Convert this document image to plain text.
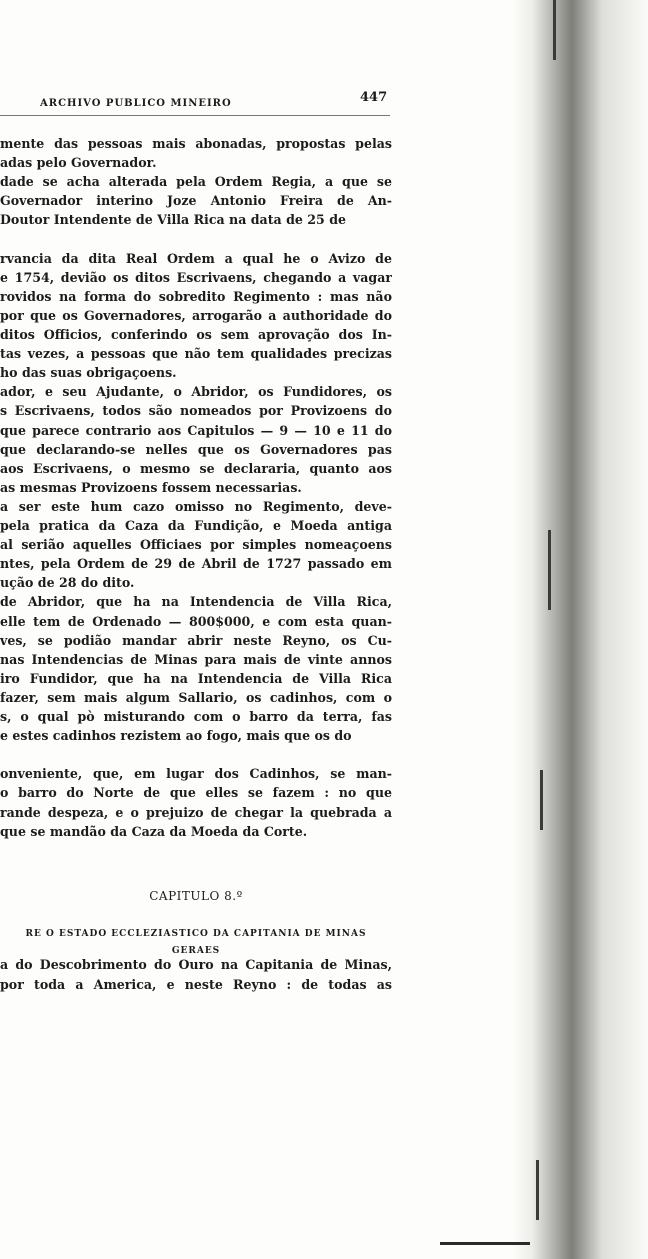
ARCHIVO PUBLICO MINEIRO	447
mente das pessoas mais abonadas, propostas pelas
adas pelo Governador.
dade se acha alterada pela Ordem Regia, a que se
Governador interino Joze Antonio Freira de An-
Doutor Intendente de Villa Rica na data de 25 de
rvancia da dita Real Ordem a qual he o Avizo de
e 1754, devião os ditos Escrivaens, chegando a vagar
rovidos na forma do sobredito Regimento : mas não
por que os Governadores, arrogarão a authoridade do
ditos Officios, conferindo os sem aprovação dos In-
tas vezes, a pessoas que não tem qualidades precizas
ho das suas obrigaçoens.
ador, e seu Ajudante, o Abridor, os Fundidores, os
s Escrivaens, todos são nomeados por Provizoens do
que parece contrario aos Capitulos — 9 — 10 e 11 do
que declarando-se nelles que os Governadores pas
aos Escrivaens, o mesmo se declararia, quanto aos
as mesmas Provizoens fossem necessarias.
a ser este hum cazo omisso no Regimento, deve-
pela pratica da Caza da Fundição, e Moeda antiga
al serião aquelles Officiaes por simples nomeaçoens
ntes, pela Ordem de 29 de Abril de 1727 passado em
ução de 28 do dito.
de Abridor, que ha na Intendencia de Villa Rica,
elle tem de Ordenado — 800$000, e com esta quan-
ves, se podião mandar abrir neste Reyno, os Cu-
nas Intendencias de Minas para mais de vinte annos
iro Fundidor, que ha na Intendencia de Villa Rica
fazer, sem mais algum Sallario, os cadinhos, com o
s, o qual pò misturando com o barro da terra, fas
e estes cadinhos rezistem ao fogo, mais que os do
onveniente, que, em lugar dos Cadinhos, se man-
o barro do Norte de que elles se fazem : no que
rande despeza, e o prejuizo de chegar la quebrada a
que se mandão da Caza da Moeda da Corte.
CAPITULO 8.º
RE O ESTADO ECCLEZIASTICO DA CAPITANIA DE MINAS
GERAES
a do Descobrimento do Ouro na Capitania de Minas,
por toda a America, e neste Reyno : de todas as
